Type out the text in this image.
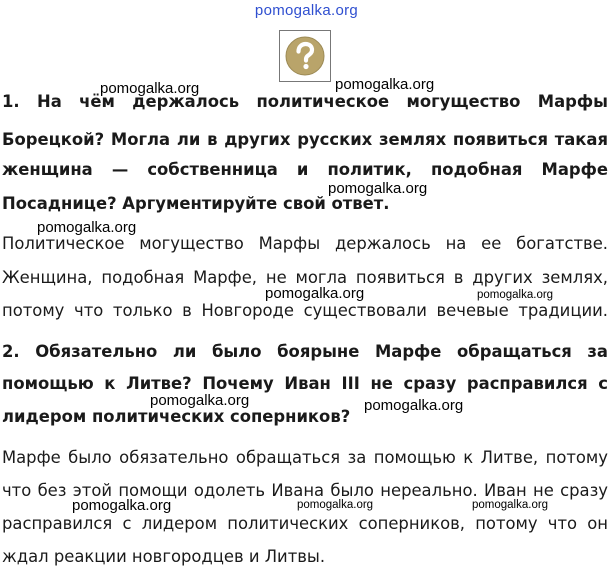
pomogalka.org
1. На чём держалось политическое могущество Марфы
Борецкой? Могла ли в других русских землях появиться такая
женщина — собственница и политик, подобная Марфе
Посаднице? Аргументируйте свой ответ.
Политическое могущество Марфы держалось на ее богатстве.
Женщина, подобная Марфе, не могла появиться в других землях,
потому что только в Новгороде существовали вечевые традиции.
2. Обязательно ли было боярыне Марфе обращаться за
помощью к Литве? Почему Иван III не сразу расправился с
лидером политических соперников?
Марфе было обязательно обращаться за помощью к Литве, потому
что без этой помощи одолеть Ивана было нереально. Иван не сразу
расправился с лидером политических соперников, потому что он
ждал реакции новгородцев и Литвы.
pomogalka.org	pomogalka.org
pomogalka.org
pomogalka.org
pomogalka.org	pomogalka.org
pomogalka.org	pomogalka.org
pomogalka.org	pomogalka.org	pomogalka.org
